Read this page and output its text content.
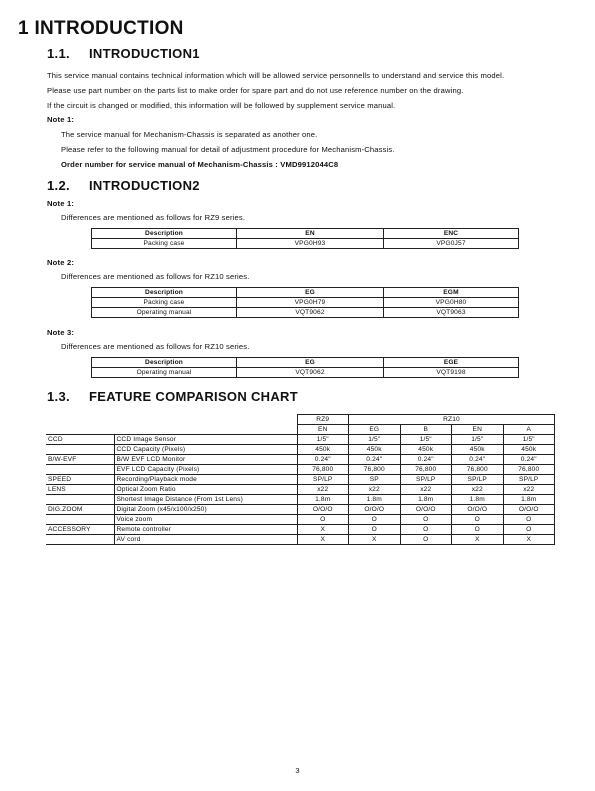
1 INTRODUCTION
1.1. INTRODUCTION1
This service manual contains technical information which will be allowed service personnells to understand and service this model.
Please use part number on the parts list to make order for spare part and do not use reference number on the drawing.
If the circuit is changed or modified, this information will be followed by supplement service manual.
Note 1:
The service manual for Mechanism-Chassis is separated as another one.
Please refer to the following manual for detail of adjustment procedure for Mechanism-Chassis.
Order number for service manual of Mechanism-Chassis : VMD9912044C8
1.2. INTRODUCTION2
Note 1:
Differences are mentioned as follows for RZ9 series.
Description	EN	ENC
Packing case	VPG0H93	VPG0J57
Note 2:
Differences are mentioned as follows for RZ10 series.
Description	EG	EGM
Packing case	VPG0H79	VPG0H80
Operating manual	VQT9062	VQT9063
Note 3:
Differences are mentioned as follows for RZ10 series.
Description	EG	EGE
Operating manual	VQT9062	VQT9198
1.3. FEATURE COMPARISON CHART
		RZ9	RZ10			
		EN	EG	B	EN	A
CCD	CCD Image Sensor	1/5"	1/5"	1/5"	1/5"	1/5"
	CCD Capacity (Pixels)	450k	450k	450k	450k	450k
B/W-EVF	B/W EVF LCD Monitor	0.24"	0.24"	0.24"	0.24"	0.24"
	EVF LCD Capacity (Pixels)	76,800	76,800	76,800	76,800	76,800
SPEED	Recording/Playback mode	SP/LP	SP	SP/LP	SP/LP	SP/LP
LENS	Optical Zoom Ratio	x22	x22	x22	x22	x22
	Shortest Image Distance (From 1st Lens)	1.8m	1.8m	1.8m	1.8m	1.8m
DIG.ZOOM	Digital Zoom (x45/x100/x250)	O/O/O	O/O/O	O/O/O	O/O/O	O/O/O
	Voice zoom	O	O	O	O	O
ACCESSORY	Remote controller	X	O	O	O	O
	AV cord	X	X	O	X	X
3
